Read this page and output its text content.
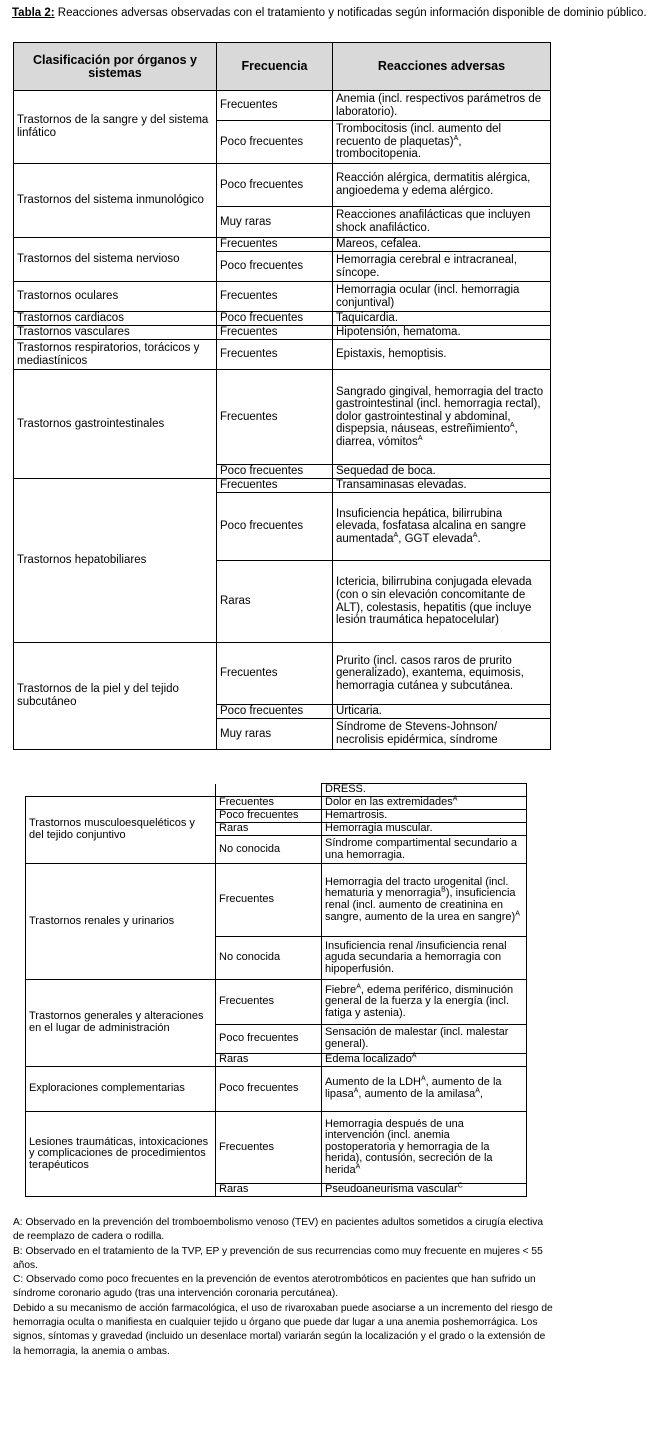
Tabla 2: Reacciones adversas observadas con el tratamiento y notificadas según información disponible de dominio público.
Clasificación por órganos y sistemas	Frecuencia	Reacciones adversas
Trastornos de la sangre y del sistema linfático	Frecuentes	Anemia (incl. respectivos parámetros de laboratorio).
	Poco frecuentes	Trombocitosis (incl. aumento del recuento de plaquetas)$^A$, trombocitopenia.
Trastornos del sistema inmunológico	Poco frecuentes	Reacción alérgica, dermatitis alérgica, angioedema y edema alérgico.
	Muy raras	Reacciones anafilácticas que incluyen shock anafiláctico.
Trastornos del sistema nervioso	Frecuentes	Mareos, cefalea.
	Poco frecuentes	Hemorragia cerebral e intracraneal, síncope.
Trastornos oculares	Frecuentes	Hemorragia ocular (incl. hemorragia conjuntival)
Trastornos cardiacos	Poco frecuentes	Taquicardia.
Trastornos vasculares	Frecuentes	Hipotensión, hematoma.
Trastornos respiratorios, torácicos y mediastínicos	Frecuentes	Epistaxis, hemoptisis.
Trastornos gastrointestinales	Frecuentes	Sangrado gingival, hemorragia del tracto gastrointestinal (incl. hemorragia rectal), dolor gastrointestinal y abdominal, dispepsia, náuseas, estreñimiento$^A$, diarrea, vómitos$^A$
	Poco frecuentes	Sequedad de boca.
Trastornos hepatobiliares	Frecuentes	Transaminasas elevadas.
	Poco frecuentes	Insuficiencia hepática, bilirrubina elevada, fosfatasa alcalina en sangre aumentada$^A$, GGT elevada$^A$.
	Raras	Ictericia, bilirrubina conjugada elevada (con o sin elevación concomitante de ALT), colestasis, hepatitis (que incluye lesión traumática hepatocelular)
Trastornos de la piel y del tejido subcutáneo	Frecuentes	Prurito (incl. casos raros de prurito generalizado), exantema, equimosis, hemorragia cutánea y subcutánea.
	Poco frecuentes	Urticaria.
	Muy raras	Síndrome de Stevens-Johnson/ necrolisis epidérmica, síndrome
		DRESS.
Trastornos musculoesqueléticos y del tejido conjuntivo	Frecuentes	Dolor en las extremidades$^A$
	Poco frecuentes	Hemartrosis.
	Raras	Hemorragia muscular.
	No conocida	Síndrome compartimental secundario a una hemorragia.
Trastornos renales y urinarios	Frecuentes	Hemorragia del tracto urogenital (incl. hematuria y menorragia$^B$), insuficiencia renal (incl. aumento de creatinina en sangre, aumento de la urea en sangre)$^A$
	No conocida	Insuficiencia renal /insuficiencia renal aguda secundaria a hemorragia con hipoperfusión.
Trastornos generales y alteraciones en el lugar de administración	Frecuentes	Fiebre$^A$, edema periférico, disminución general de la fuerza y la energía (incl. fatiga y astenia).
	Poco frecuentes	Sensación de malestar (incl. malestar general).
	Raras	Edema localizado$^A$
Exploraciones complementarias	Poco frecuentes	Aumento de la $LDH^A$, aumento de la lipasa$^A$, aumento de la amilasa$^A$,
Lesiones traumáticas, intoxicaciones y complicaciones de procedimientos terapéuticos	Frecuentes	Hemorragia después de una intervención (incl. anemia postoperatoria y hemorragia de la herida), contusión, secreción de la herida$^A$
	Raras	Pseudoaneurisma vascular$^C$

A: Observado en la prevención del tromboembolismo venoso (TEV) en pacientes adultos sometidos a cirugía electiva de reemplazo de cadera o rodilla.

B: Observado en el tratamiento de la TVP, EP y prevención de sus recurrencias como muy frecuente en mujeres < 55 años.

C: Observado como poco frecuentes en la prevención de eventos aterotrombóticos en pacientes que han sufrido un síndrome coronario agudo (tras una intervención coronaria percutánea).

Debido a su mecanismo de acción farmacológica, el uso de rivaroxaban puede asociarse a un incremento del riesgo de hemorragia oculta o manifiesta en cualquier tejido u órgano que puede dar lugar a una anemia poshemorrágica. Los signos, síntomas y gravedad (incluido un desenlace mortal) variarán según la localización y el grado o la extensión de la hemorragia, la anemia o ambas.
